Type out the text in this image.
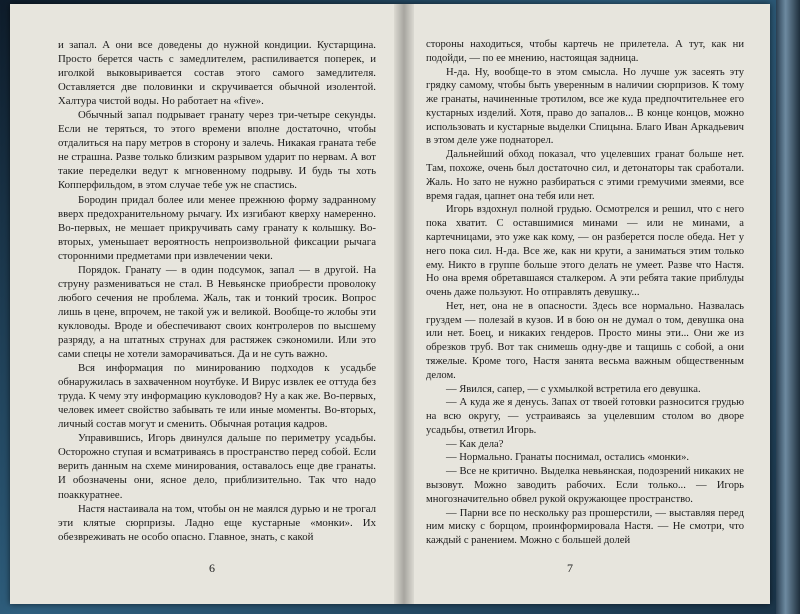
и запал. А они все доведены до нужной кондиции. Кустарщина. Просто берется часть с замедлителем, распиливается поперек, и иголкой выковыривается состав этого самого замедлителя. Оставляется две половинки и скручивается обычной изолентой. Халтура чистой воды. Но работает на «five».

Обычный запал подрывает гранату через три-четыре секунды. Если не теряться, то этого времени вполне достаточно, чтобы отдалиться на пару метров в сторону и залечь. Никакая граната тебе не страшна. Разве только близким разрывом ударит по нервам. А вот такие переделки ведут к мгновенному подрыву. И будь ты хоть Копперфильдом, в этом случае тебе уж не спастись.

Бородин придал более или менее прежнюю форму задранному вверх предохранительному рычагу. Их изгибают кверху намеренно. Во-первых, не мешает прикручивать саму гранату к колышку. Во-вторых, уменьшает вероятность непроизвольной фиксации рычага сторонними предметами при извлечении чеки.

Порядок. Гранату — в один подсумок, запал — в другой. На струну размениваться не стал. В Невьянске приобрести проволоку любого сечения не проблема. Жаль, так и тонкий тросик. Вопрос лишь в цене, впрочем, не такой уж и великой. Вообще-то жлобы эти кукловоды. Вроде и обеспечивают своих контролеров по высшему разряду, а на штатных струнах для растяжек сэкономили. Или это сами спецы не хотели заморачиваться. Да и не суть важно.

Вся информация по минированию подходов к усадьбе обнаружилась в захваченном ноутбуке. И Вирус извлек ее оттуда без труда. К чему эту информацию кукловодов? Ну а как же. Во-первых, человек имеет свойство забывать те или иные моменты. Во-вторых, личный состав могут и сменить. Обычная ротация кадров.

Управившись, Игорь двинулся дальше по периметру усадьбы. Осторожно ступая и всматриваясь в пространство перед собой. Если верить данным на схеме минирования, оставалось еще две гранаты. И обозначены они, ясное дело, приблизительно. Так что надо поаккуратнее.

Настя настаивала на том, чтобы он не маялся дурью и не трогал эти клятые сюрпризы. Ладно еще кустарные «монки». Их обезвреживать не особо опасно. Главное, знать, с какой

6

стороны находиться, чтобы картечь не прилетела. А тут, как ни подойди, — по ее мнению, настоящая задница.

Н-да. Ну, вообще-то в этом смысла. Но лучше уж засеять эту грядку самому, чтобы быть уверенным в наличии сюрпризов. К тому же гранаты, начиненные тротилом, все же куда предпочтительнее его кустарных изделий. Хотя, право до запалов... В конце концов, можно использовать и кустарные выделки Спицына. Благо Иван Аркадьевич в этом деле уже поднаторел.

Дальнейший обход показал, что уцелевших гранат больше нет. Там, похоже, очень был достаточно сил, и детонаторы так сработали. Жаль. Но зато не нужно разбираться с этими гремучими змеями, все время гадая, цапнет она тебя или нет.

Игорь вздохнул полной грудью. Осмотрелся и решил, что с него пока хватит. С оставшимися минами — или не минами, а картечницами, это уже как кому, — он разберется после обеда. Нет у него пока сил. Н-да. Все же, как ни крути, а заниматься этим только ему. Никто в группе больше этого делать не умеет. Разве что Настя. Но она время обретавшаяся сталкером. А эти ребята такие приблуды очень даже пользуют. Но отправлять девушку...

Нет, нет, она не в опасности. Здесь все нормально. Назвалась груздем — полезай в кузов. И в бою он не думал о том, девушка она или нет. Боец, и никаких гендеров. Просто мины эти... Они же из обрезков труб. Вот так снимешь одну-две и тащишь с собой, а они тяжелые. Кроме того, Настя занята весьма важным общественным делом.

— Явился, сапер, — с ухмылкой встретила его девушка.

— А куда же я денусь. Запах от твоей готовки разносится грудью на всю округу, — устраиваясь за уцелевшим столом во дворе усадьбы, ответил Игорь.

— Как дела?

— Нормально. Гранаты поснимал, остались «монки».

— Все не критично. Выделка невьянская, подозрений никаких не вызовут. Можно заводить рабочих. Если только... — Игорь многозначительно обвел рукой окружающее пространство.

— Парни все по нескольку раз прошерстили, — выставляя перед ним миску с борщом, проинформировала Настя. — Не смотри, что каждый с ранением. Можно с большей долей

7
